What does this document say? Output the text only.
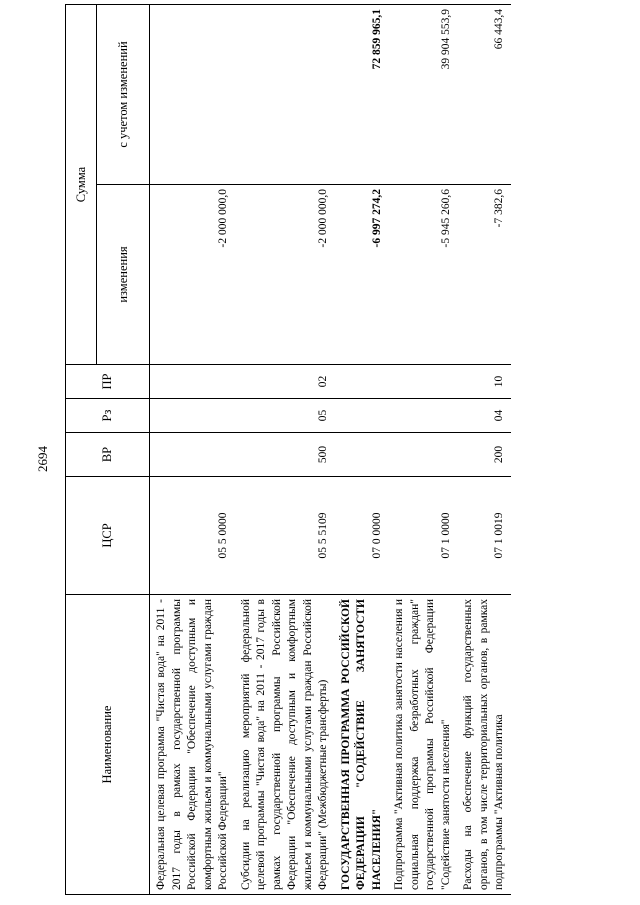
2694
Наименование	ЦСР	ВР	Рз	ПР	Сумма	
					изменения	с учетом изменений
Федеральная целевая программа "Чистая вода" на 2011 - 2017 годы в рамках государственной программы Российской Федерации "Обеспечение доступным и комфортным жильем и коммунальными услугами граждан Российской Федерации"	05 5 0000				-2 000 000,0	
Субсидии на реализацию мероприятий федеральной целевой программы "Чистая вода" на 2011 - 2017 годы в рамках государственной программы Российской Федерации "Обеспечение доступным и комфортным жильем и коммунальными услугами граждан Российской Федерации" (Межбюджетные трансферты)	05 5 5109	500	05	02	-2 000 000,0	
ГОСУДАРСТВЕННАЯ ПРОГРАММА РОССИЙСКОЙ ФЕДЕРАЦИИ "СОДЕЙСТВИЕ ЗАНЯТОСТИ НАСЕЛЕНИЯ"	07 0 0000				-6 997 274,2	72 859 965,1
Подпрограмма "Активная политика занятости населения и социальная поддержка безработных граждан" государственной программы Российской Федерации "Содействие занятости населения"	07 1 0000				-5 945 260,6	39 904 553,9
Расходы на обеспечение функций государственных органов, в том числе территориальных органов, в рамках подпрограммы "Активная политика	07 1 0019	200	04	10	-7 382,6	66 443,4
